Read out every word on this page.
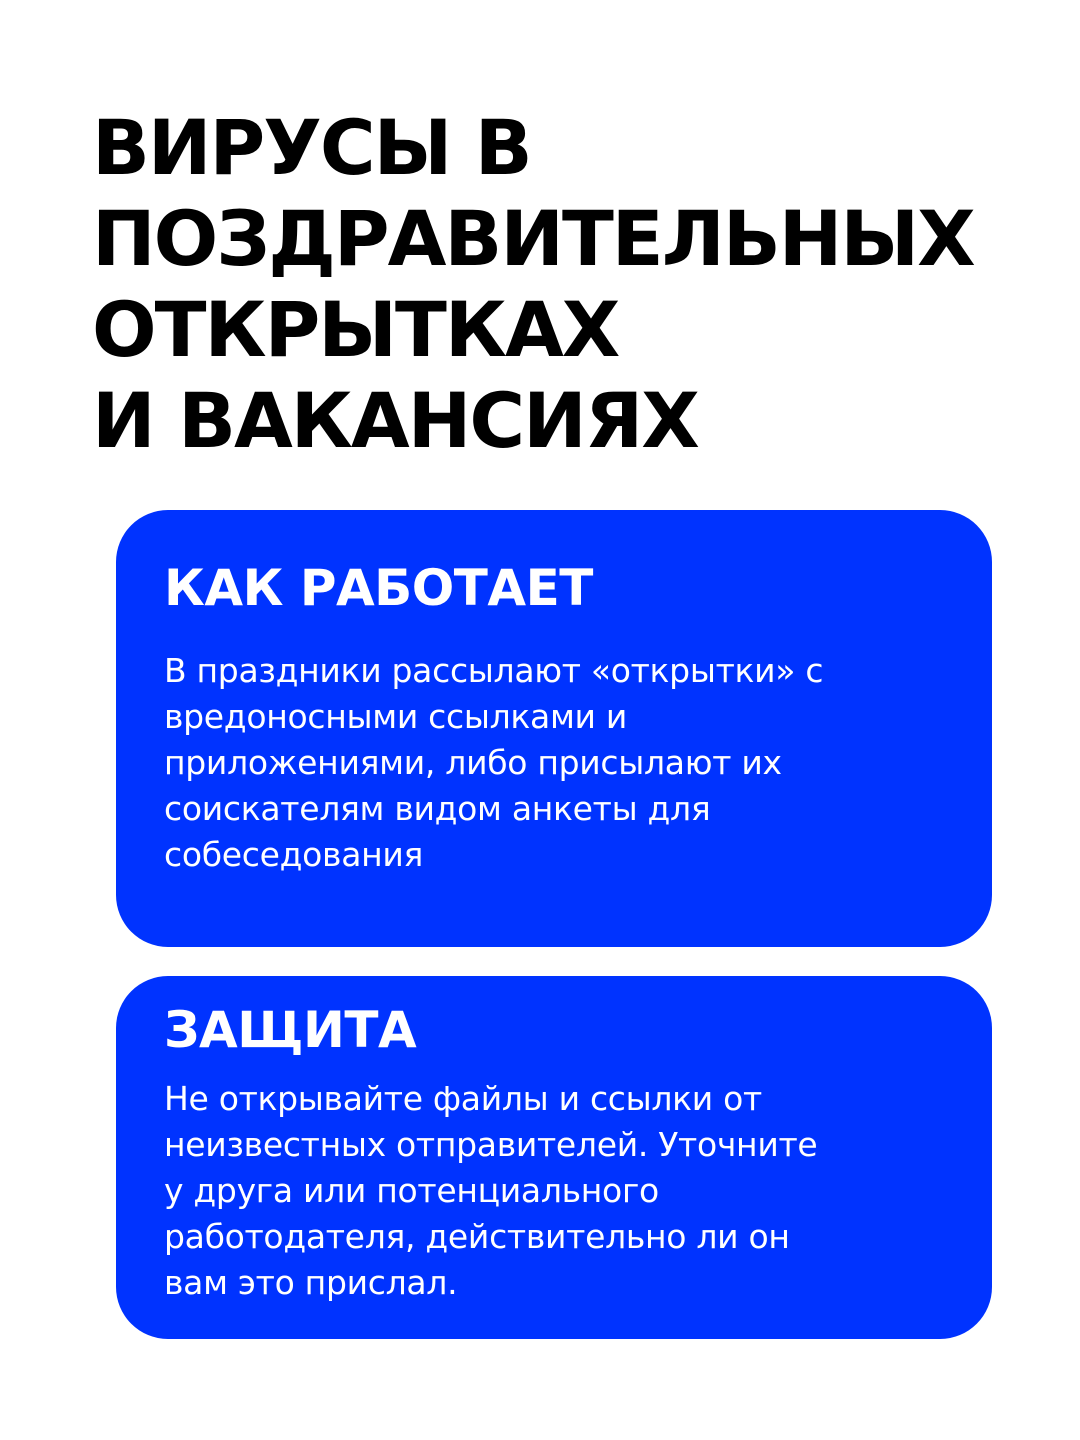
ВИРУСЫ В
ПОЗДРАВИТЕЛЬНЫХ
ОТКРЫТКАХ
И ВАКАНСИЯХ
КАК РАБОТАЕТ

В праздники рассылают «открытки» с
вредоносными ссылками и
приложениями, либо присылают их
соискателям видом анкеты для
собеседования

ЗАЩИТА

Не открывайте файлы и ссылки от
неизвестных отправителей. Уточните
у друга или потенциального
работодателя, действительно ли он
вам это прислал.
